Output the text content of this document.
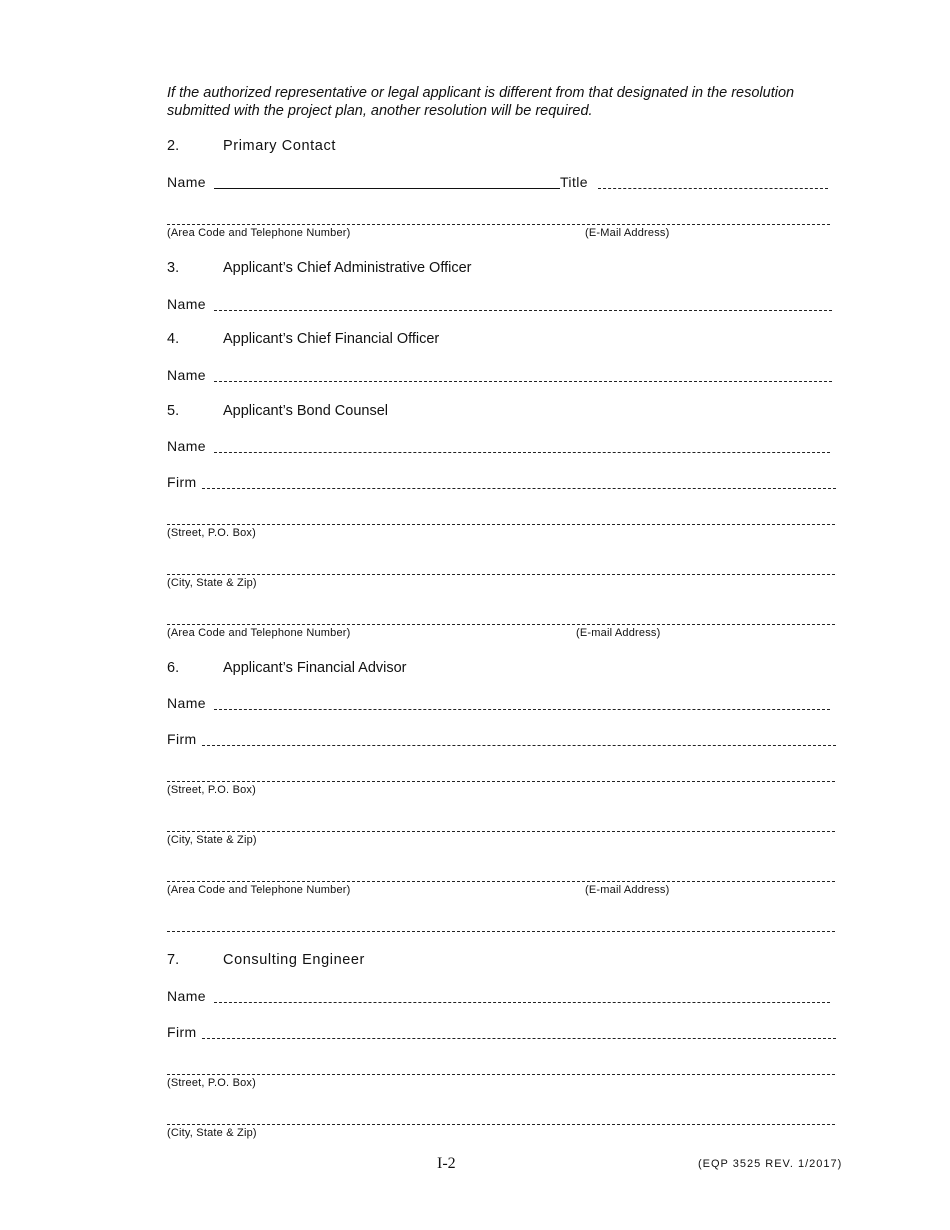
If the authorized representative or legal applicant is different from that designated in the resolution submitted with the project plan, another resolution will be required.
2.	Primary Contact
Name	Title
(Area Code and Telephone Number)	(E-Mail Address)
3.	Applicant’s Chief Administrative Officer
Name
4.	Applicant’s Chief Financial Officer
Name
5.	Applicant’s Bond Counsel
Name
Firm
(Street, P.O. Box)
(City, State & Zip)
(Area Code and Telephone Number)	(E-mail Address)
6.	Applicant’s Financial Advisor
Name
Firm
(Street, P.O. Box)
(City, State & Zip)
(Area Code and Telephone Number)	(E-mail Address)
7.	Consulting Engineer
Name
Firm
(Street, P.O. Box)
(City, State & Zip)
I-2	(EQP 3525 REV. 1/2017)
